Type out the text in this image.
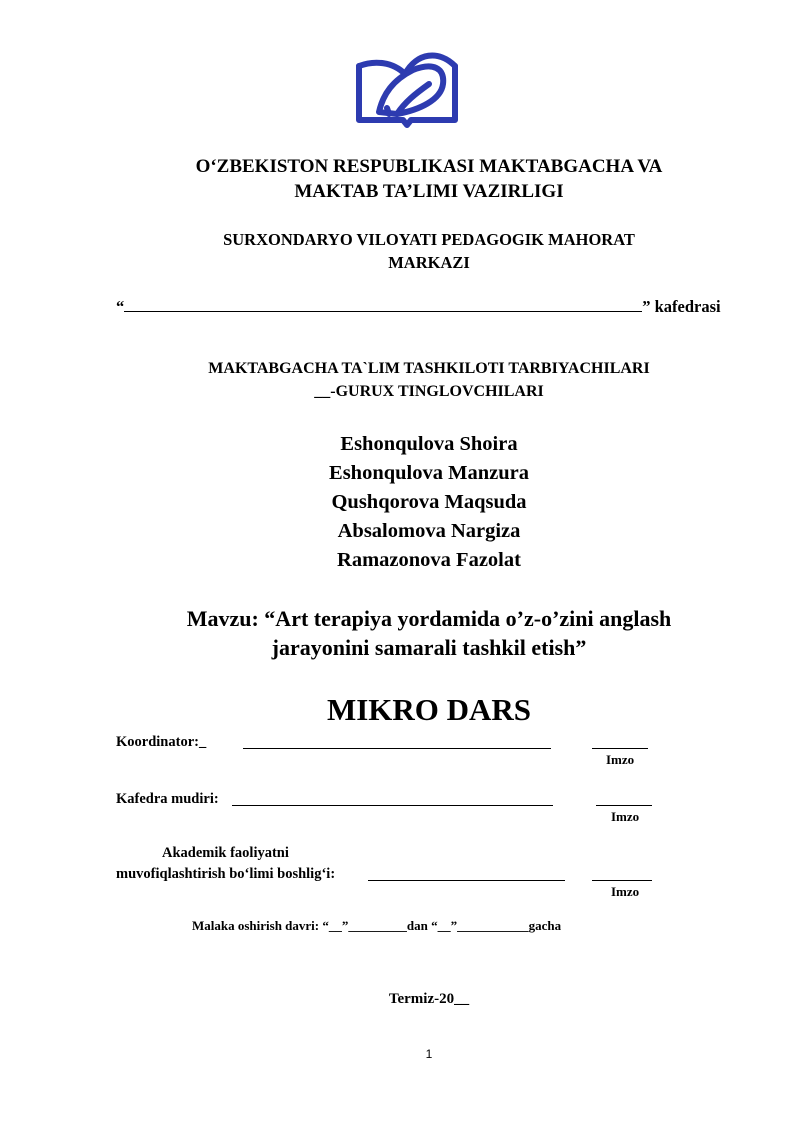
O‘ZBEKISTON RESPUBLIKASI MAKTABGACHA VA
MAKTAB TA’LIMI VAZIRLIGI
SURXONDARYO VILOYATI PEDAGOGIK MAHORAT
MARKAZI
“	” kafedrasi
MAKTABGACHA TA`LIM TASHKILOTI TARBIYACHILARI
__-GURUX TINGLOVCHILARI
Eshonqulova Shoira
Eshonqulova Manzura
Qushqorova Maqsuda
Absalomova Nargiza
Ramazonova Fazolat
Mavzu: “Art terapiya yordamida o’z-o’zini anglash
jarayonini samarali tashkil etish”
MIKRO DARS
Koordinator:_
Imzo
Kafedra mudiri:
Imzo
Akademik faoliyatni
muvofiqlashtirish bo‘limi boshlig‘i:
Imzo
Malaka oshirish davri: “__”_________dan “__”___________gacha
Termiz-20__
1
